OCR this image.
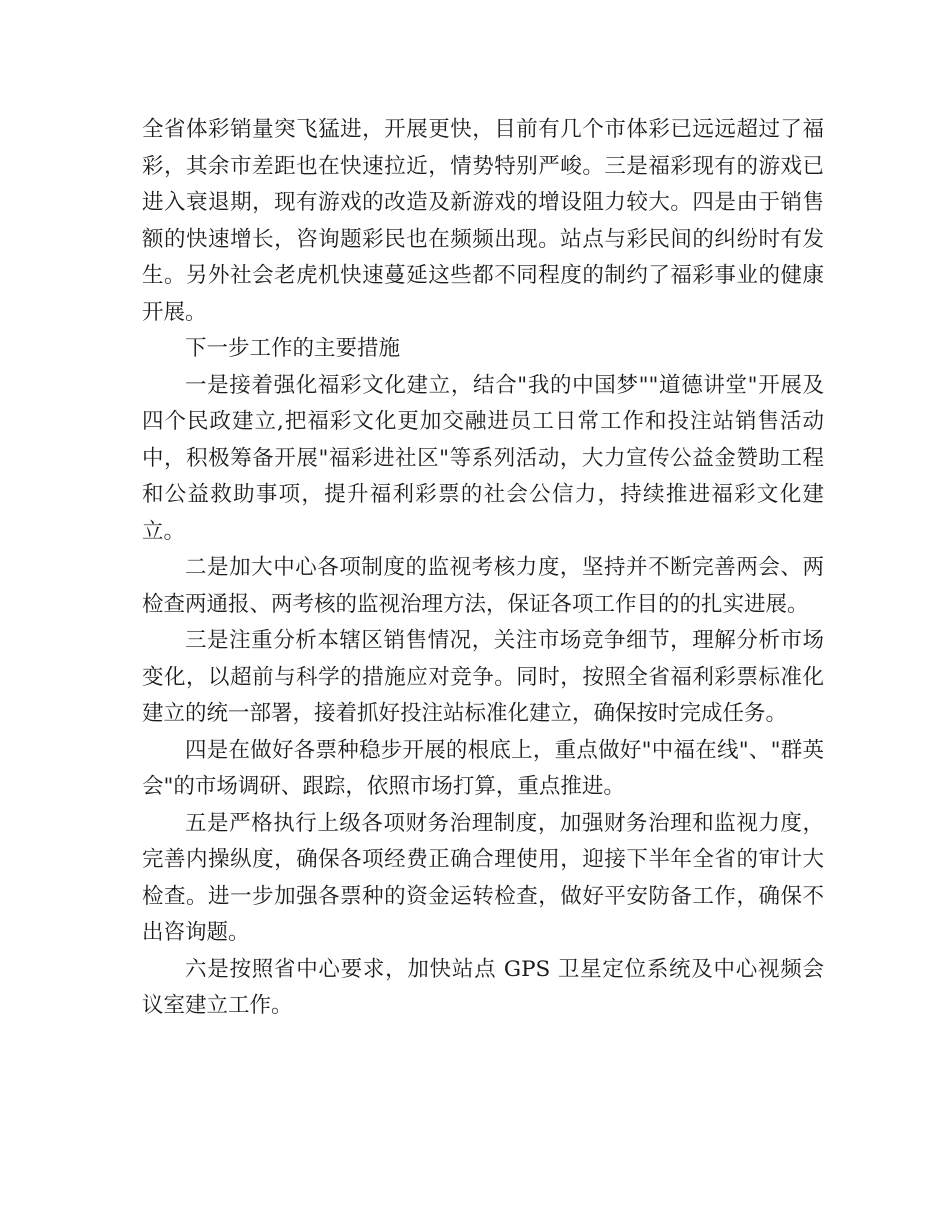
全省体彩销量突飞猛进，开展更快，目前有几个市体彩已远远超过了福彩，其余市差距也在快速拉近，情势特别严峻。三是福彩现有的游戏已进入衰退期，现有游戏的改造及新游戏的增设阻力较大。四是由于销售额的快速增长，咨询题彩民也在频频出现。站点与彩民间的纠纷时有发生。另外社会老虎机快速蔓延这些都不同程度的制约了福彩事业的健康开展。

下一步工作的主要措施

一是接着强化福彩文化建立，结合"我的中国梦""道德讲堂"开展及四个民政建立,把福彩文化更加交融进员工日常工作和投注站销售活动中，积极筹备开展"福彩进社区"等系列活动，大力宣传公益金赞助工程和公益救助事项，提升福利彩票的社会公信力，持续推进福彩文化建立。

二是加大中心各项制度的监视考核力度，坚持并不断完善两会、两检查两通报、两考核的监视治理方法，保证各项工作目的的扎实进展。

三是注重分析本辖区销售情况，关注市场竞争细节，理解分析市场变化，以超前与科学的措施应对竞争。同时，按照全省福利彩票标准化建立的统一部署，接着抓好投注站标准化建立，确保按时完成任务。

四是在做好各票种稳步开展的根底上，重点做好"中福在线"、"群英会"的市场调研、跟踪，依照市场打算，重点推进。

五是严格执行上级各项财务治理制度，加强财务治理和监视力度，完善内操纵度，确保各项经费正确合理使用，迎接下半年全省的审计大检查。进一步加强各票种的资金运转检查，做好平安防备工作，确保不出咨询题。

六是按照省中心要求，加快站点 GPS 卫星定位系统及中心视频会议室建立工作。
